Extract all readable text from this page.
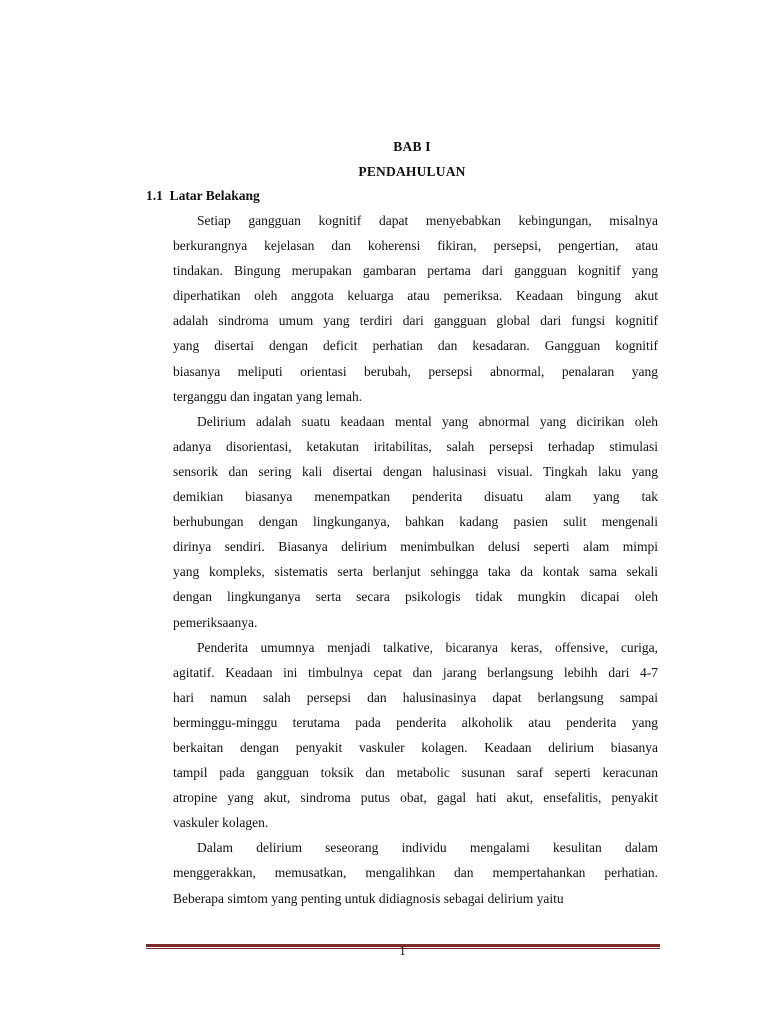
BAB I
PENDAHULUAN
1.1  Latar Belakang

Setiap gangguan kognitif dapat menyebabkan kebingungan, misalnya
berkurangnya kejelasan dan koherensi fikiran, persepsi, pengertian, atau
tindakan. Bingung merupakan gambaran pertama dari gangguan kognitif yang
diperhatikan oleh anggota keluarga atau pemeriksa. Keadaan bingung akut
adalah sindroma umum yang terdiri dari gangguan global dari fungsi kognitif
yang disertai dengan deficit perhatian dan kesadaran. Gangguan kognitif
biasanya meliputi orientasi berubah, persepsi abnormal, penalaran yang
terganggu dan ingatan yang lemah.

Delirium adalah suatu keadaan mental yang abnormal yang dicirikan oleh
adanya disorientasi, ketakutan iritabilitas, salah persepsi terhadap stimulasi
sensorik dan sering kali disertai dengan halusinasi visual. Tingkah laku yang
demikian biasanya menempatkan penderita disuatu alam yang tak
berhubungan dengan lingkunganya, bahkan kadang pasien sulit mengenali
dirinya sendiri. Biasanya delirium menimbulkan delusi seperti alam mimpi
yang kompleks, sistematis serta berlanjut sehingga taka da kontak sama sekali
dengan lingkunganya serta secara psikologis tidak mungkin dicapai oleh
pemeriksaanya.

Penderita umumnya menjadi talkative, bicaranya keras, offensive, curiga,
agitatif. Keadaan ini timbulnya cepat dan jarang berlangsung lebihh dari 4-7
hari namun salah persepsi dan halusinasinya dapat berlangsung sampai
berminggu-minggu terutama pada penderita alkoholik atau penderita yang
berkaitan dengan penyakit vaskuler kolagen. Keadaan delirium biasanya
tampil pada gangguan toksik dan metabolic susunan saraf seperti keracunan
atropine yang akut, sindroma putus obat, gagal hati akut, ensefalitis, penyakit
vaskuler kolagen.

Dalam delirium seseorang individu mengalami kesulitan dalam
menggerakkan, memusatkan, mengalihkan dan mempertahankan perhatian.
Beberapa simtom yang penting untuk didiagnosis sebagai delirium yaitu

1
